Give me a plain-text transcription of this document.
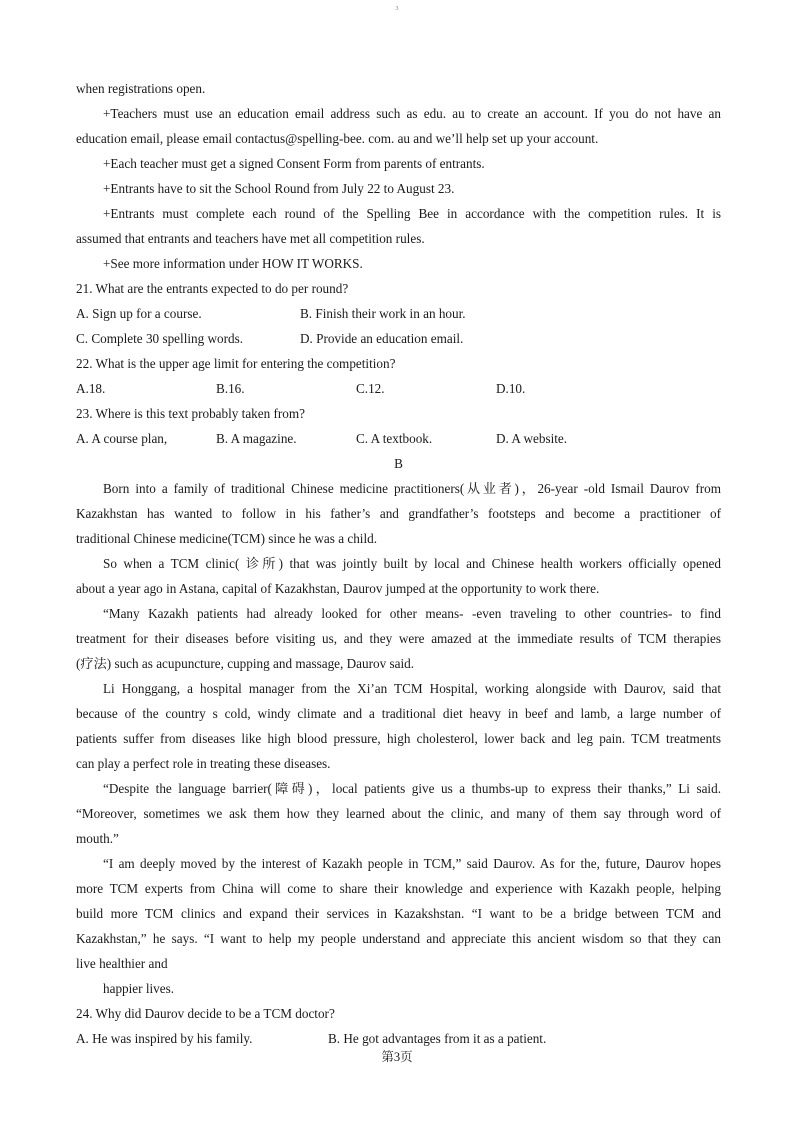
3
when registrations open.
+Teachers must use an education email address such as edu. au to create an account. If you do not have an
education email, please email contactus@spelling-bee. com. au and we’ll help set up your account.
+Each teacher must get a signed Consent Form from parents of entrants.
+Entrants have to sit the School Round from July 22 to August 23.
+Entrants must complete each round of the Spelling Bee in accordance with the competition rules. It is
assumed that entrants and teachers have met all competition rules.
+See more information under HOW IT WORKS.
21. What are the entrants expected to do per round?
A. Sign up for a course.	B. Finish their work in an hour.
C. Complete 30 spelling words.	D. Provide an education email.
22. What is the upper age limit for entering the competition?
A.18.	B.16.	C.12.	D.10.
23. Where is this text probably taken from?
A. A course plan,	B. A magazine.	C. A textbook.	D. A website.
B
Born into a family of traditional Chinese medicine practitioners(从业者)，26-year -old Ismail Daurov from
Kazakhstan has wanted to follow in his father’s and grandfather’s footsteps and become a practitioner of
traditional Chinese medicine(TCM) since he was a child.
So when a TCM clinic( 诊所) that was jointly built by local and Chinese health workers officially opened
about a year ago in Astana, capital of Kazakhstan, Daurov jumped at the opportunity to work there.
“Many Kazakh patients had already looked for other means- -even traveling to other countries- to find
treatment for their diseases before visiting us, and they were amazed at the immediate results of TCM therapies
(疗法) such as acupuncture, cupping and massage, Daurov said.
Li Honggang, a hospital manager from the Xi’an TCM Hospital, working alongside with Daurov, said that
because of the country s cold, windy climate and a traditional diet heavy in beef and lamb, a large number of
patients suffer from diseases like high blood pressure, high cholesterol, lower back and leg pain. TCM treatments
can play a perfect role in treating these diseases.
“Despite the language barrier(障碍)，local patients give us a thumbs-up to express their thanks,” Li said.
“Moreover, sometimes we ask them how they learned about the clinic, and many of them say through word of
mouth.”
“I am deeply moved by the interest of Kazakh people in TCM,” said Daurov. As for the, future, Daurov hopes
more TCM experts from China will come to share their knowledge and experience with Kazakh people, helping
build more TCM clinics and expand their services in Kazakshstan. “I want to be a bridge between TCM and
Kazakhstan,” he says. “I want to help my people understand and appreciate this ancient wisdom so that they can
live healthier and
happier lives.
24. Why did Daurov decide to be a TCM doctor?
A. He was inspired by his family.	B. He got advantages from it as a patient.
第3页
